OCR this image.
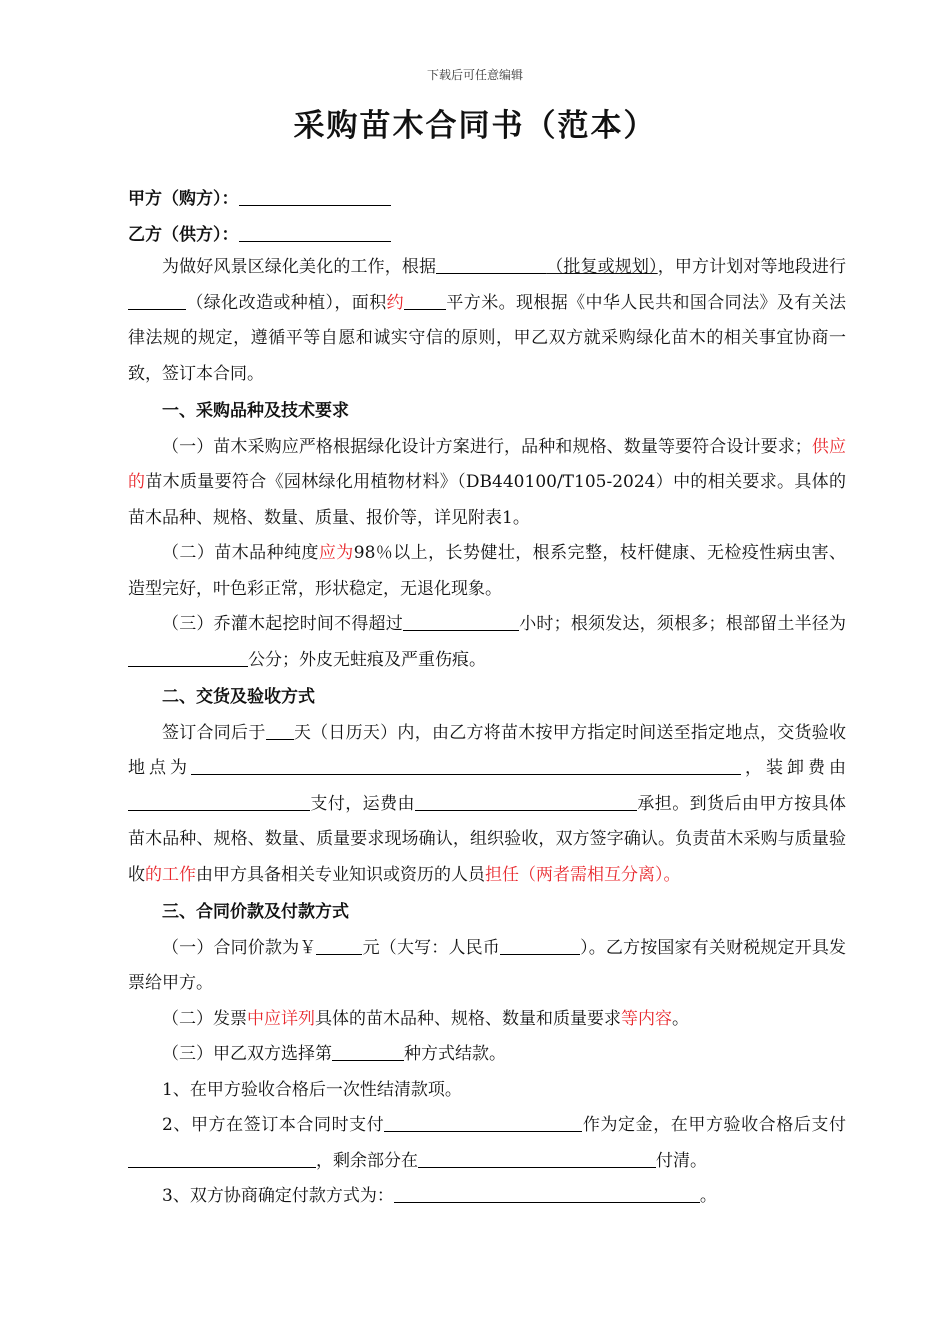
下载后可任意编辑
采购苗木合同书（范本）
甲方（购方）：
乙方（供方）：

为做好风景区绿化美化的工作，根据	（批复或规划），甲方计划对等地段进行（绿化改造或种植），面积约 平方米。现根据《中华人民共和国合同法》及有关法律法规的规定，遵循平等自愿和诚实守信的原则，甲乙双方就采购绿化苗木的相关事宜协商一致，签订本合同。

一、采购品种及技术要求

（一）苗木采购应严格根据绿化设计方案进行，品种和规格、数量等要符合设计要求；供应的苗木质量要符合《园林绿化用植物材料》（DB440100/T105-2024）中的相关要求。具体的苗木品种、规格、数量、质量、报价等，详见附表1。

（二）苗木品种纯度应为98％以上，长势健壮，根系完整，枝杆健康、无检疫性病虫害、造型完好，叶色彩正常，形状稳定，无退化现象。

（三）乔灌木起挖时间不得超过	小时；根须发达，须根多；根部留土半径为公分；外皮无蛀痕及严重伤痕。

二、交货及验收方式

签订合同后于 天（日历天）内，由乙方将苗木按甲方指定时间送至指定地点，交货验收地点为	，装卸费由支付，运费由	承担。到货后由甲方按具体苗木品种、规格、数量、质量要求现场确认，组织验收，双方签字确认。负责苗木采购与质量验收的工作由甲方具备相关专业知识或资历的人员担任（两者需相互分离）。

三、合同价款及付款方式

（一）合同价款为￥	元（大写：人民币	）。乙方按国家有关财税规定开具发票给甲方。

（二）发票中应详列具体的苗木品种、规格、数量和质量要求等内容。

（三）甲乙双方选择第	种方式结款。

1、在甲方验收合格后一次性结清款项。

2、甲方在签订本合同时支付	作为定金，在甲方验收合格后支付，剩余部分在	付清。

3、双方协商确定付款方式为：	。
